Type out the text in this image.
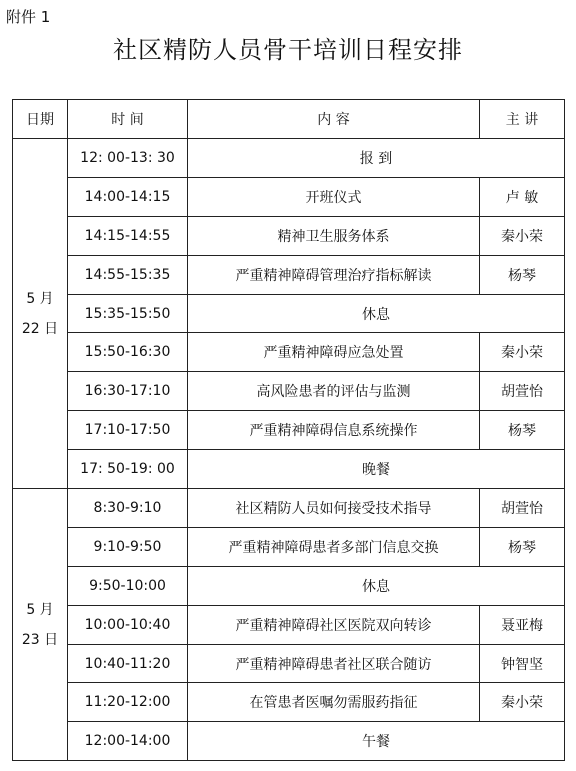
附件 1
社区精防人员骨干培训日程安排
日期	时 间	内 容	主 讲

5 月
22 日	12: 00-13: 30	报 到	
	14:00-14:15	开班仪式	卢 敏
	14:15-14:55	精神卫生服务体系	秦小荣
	14:55-15:35	严重精神障碍管理治疗指标解读	杨琴
	15:35-15:50	休息	
	15:50-16:30	严重精神障碍应急处置	秦小荣
	16:30-17:10	高风险患者的评估与监测	胡萱怡
	17:10-17:50	严重精神障碍信息系统操作	杨琴
	17: 50-19: 00	晚餐	

5 月
23 日	8:30-9:10	社区精防人员如何接受技术指导	胡萱怡
	9:10-9:50	严重精神障碍患者多部门信息交换	杨琴
	9:50-10:00	休息	
	10:00-10:40	严重精神障碍社区医院双向转诊	聂亚梅
	10:40-11:20	严重精神障碍患者社区联合随访	钟智坚
	11:20-12:00	在管患者医嘱勿需服药指征	秦小荣
	12:00-14:00	午餐	
